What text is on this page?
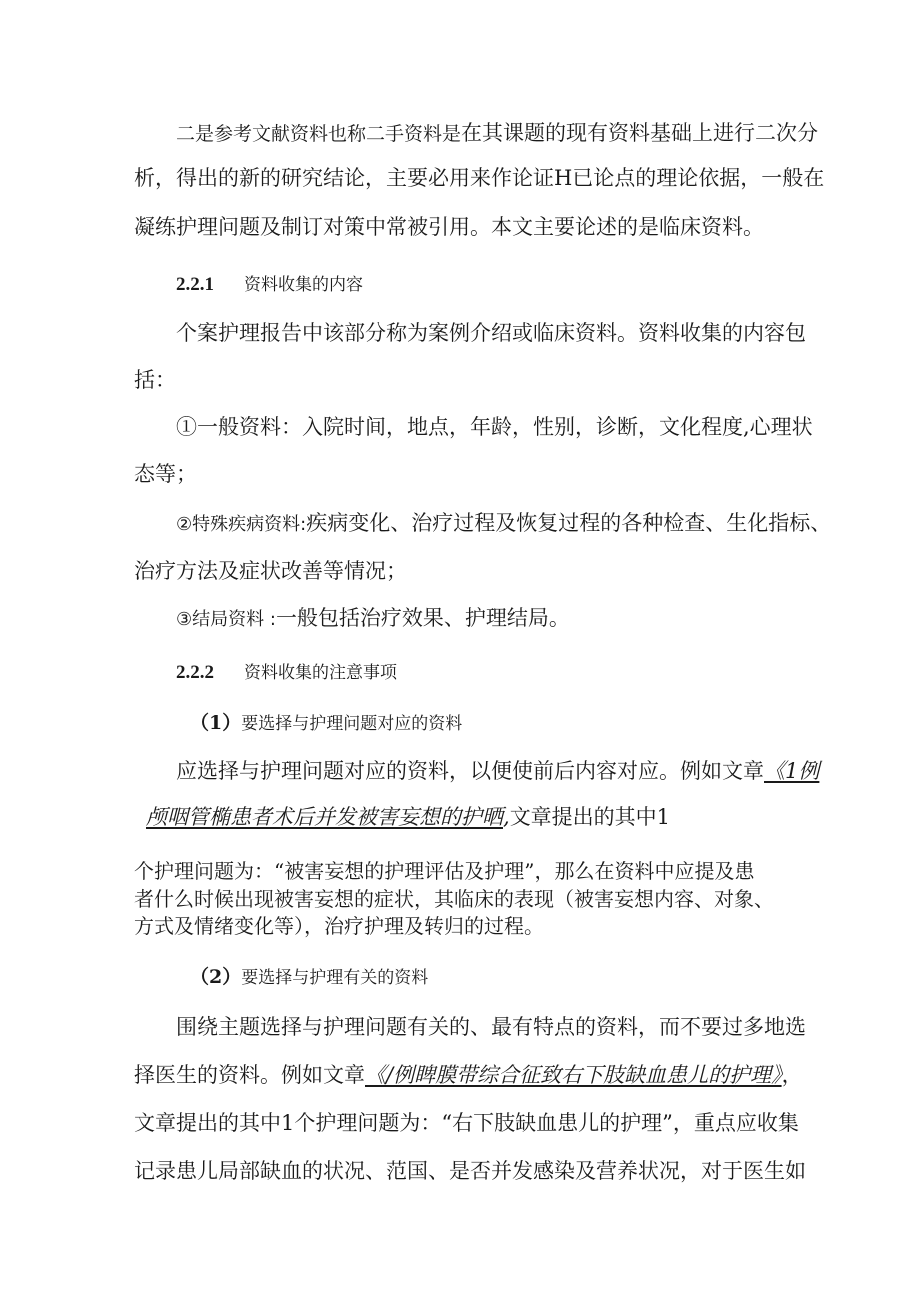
二是参考文献资料也称二手资料是在其课题的现有资料基础上进行二次分
析，得出的新的研究结论，主要必用来作论证H已论点的理论依据，一般在
凝练护理问题及制订对策中常被引用。本文主要论述的是临床资料。
2.2.1 资料收集的内容
个案护理报告中该部分称为案例介绍或临床资料。资料收集的内容包
括：
①一般资料：入院时间，地点，年龄，性别，诊断，文化程度,心理状
态等；
②特殊疾病资料:疾病变化、治疗过程及恢复过程的各种检查、生化指标、
治疗方法及症状改善等情况；
③结局资料 :一般包括治疗效果、护理结局。
2.2.2 资料收集的注意事项
（1）要选择与护理问题对应的资料
应选择与护理问题对应的资料，以便使前后内容对应。例如文章《1例
颅咽管椭患者术后并发被害妄想的护晒,文章提出的其中1
个护理问题为：“被害妄想的护理评估及护理”，那么在资料中应提及患
者什么时候出现被害妄想的症状，其临床的表现（被害妄想内容、对象、
方式及情绪变化等），治疗护理及转归的过程。
（2）要选择与护理有关的资料
围绕主题选择与护理问题有关的、最有特点的资料，而不要过多地选
择医生的资料。例如文章《/例睥膜带综合征致右下肢缺血患儿的护理》，
文章提出的其中1个护理问题为：“右下肢缺血患儿的护理”，重点应收集
记录患儿局部缺血的状况、范国、是否并发感染及营养状况，对于医生如
